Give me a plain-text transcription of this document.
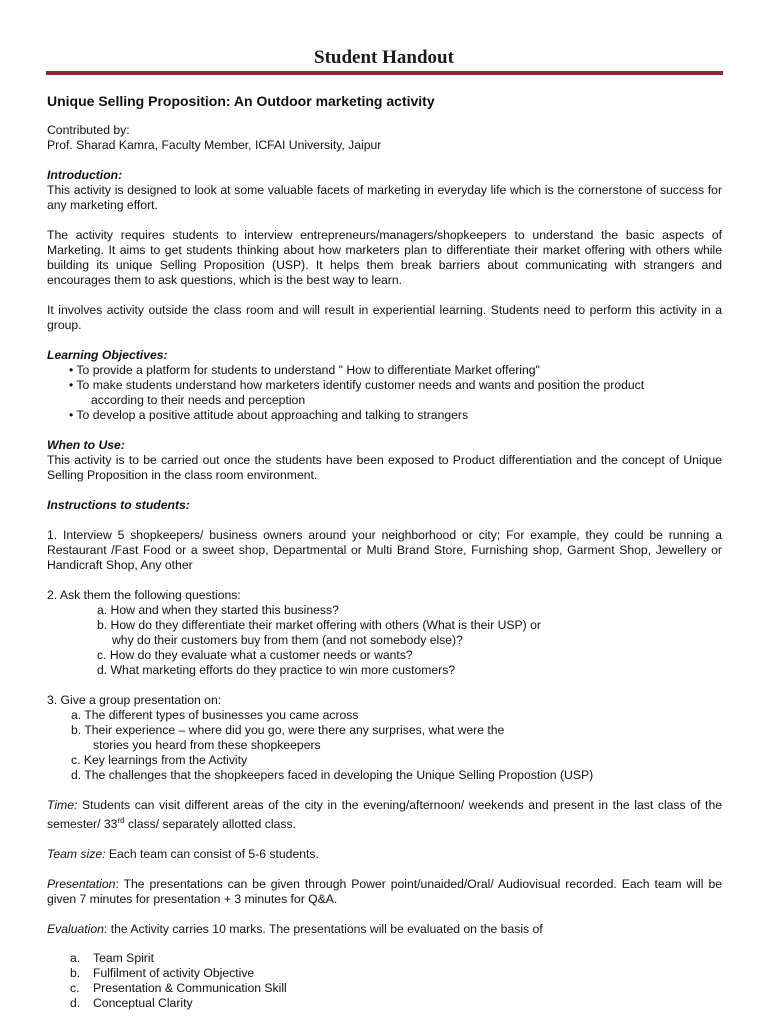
Student Handout

Unique Selling Proposition: An Outdoor marketing activity

Contributed by:

Prof. Sharad Kamra, Faculty Member, ICFAI University, Jaipur

Introduction:

This activity is designed to look at some valuable facets of marketing in everyday life which is the cornerstone of success for any marketing effort.

The activity requires students to interview entrepreneurs/managers/shopkeepers to understand the basic aspects of Marketing. It aims to get students thinking about how marketers plan to differentiate their market offering with others while building its unique Selling Proposition (USP). It helps them break barriers about communicating with strangers and encourages them to ask questions, which is the best way to learn.

It involves activity outside the class room and will result in experiential learning. Students need to perform this activity in a group.

Learning Objectives:

• To provide a platform for students to understand " How to differentiate Market offering"
• To make students understand how marketers identify customer needs and wants and position the product
according to their needs and perception
• To develop a positive attitude about approaching and talking to strangers

When to Use:

This activity is to be carried out once the students have been exposed to Product differentiation and the concept of Unique Selling Proposition in the class room environment.

Instructions to students:

1. Interview 5 shopkeepers/ business owners around your neighborhood or city; For example, they could be running a Restaurant /Fast Food or a sweet shop, Departmental or Multi Brand Store, Furnishing shop, Garment Shop, Jewellery or Handicraft Shop, Any other

2. Ask them the following questions:

a. How and when they started this business?

b. How do they differentiate their market offering with others (What is their USP) or
why do their customers buy from them (and not somebody else)?

c. How do they evaluate what a customer needs or wants?

d. What marketing efforts do they practice to win more customers?

3. Give a group presentation on:

a. The different types of businesses you came across

b. Their experience – where did you go, were there any surprises, what were the
stories you heard from these shopkeepers

c. Key learnings from the Activity

d. The challenges that the shopkeepers faced in developing the Unique Selling Propostion (USP)

Time: Students can visit different areas of the city in the evening/afternoon/ weekends and present in the last class of the semester/ 33rd class/ separately allotted class.

Team size: Each team can consist of 5-6 students.

Presentation: The presentations can be given through Power point/unaided/Oral/ Audiovisual recorded. Each team will be given 7 minutes for presentation + 3 minutes for Q&A.

Evaluation: the Activity carries 10 marks. The presentations will be evaluated on the basis of

a.	Team Spirit
b.	Fulfilment of activity Objective
c.	Presentation & Communication Skill
d.	Conceptual Clarity
